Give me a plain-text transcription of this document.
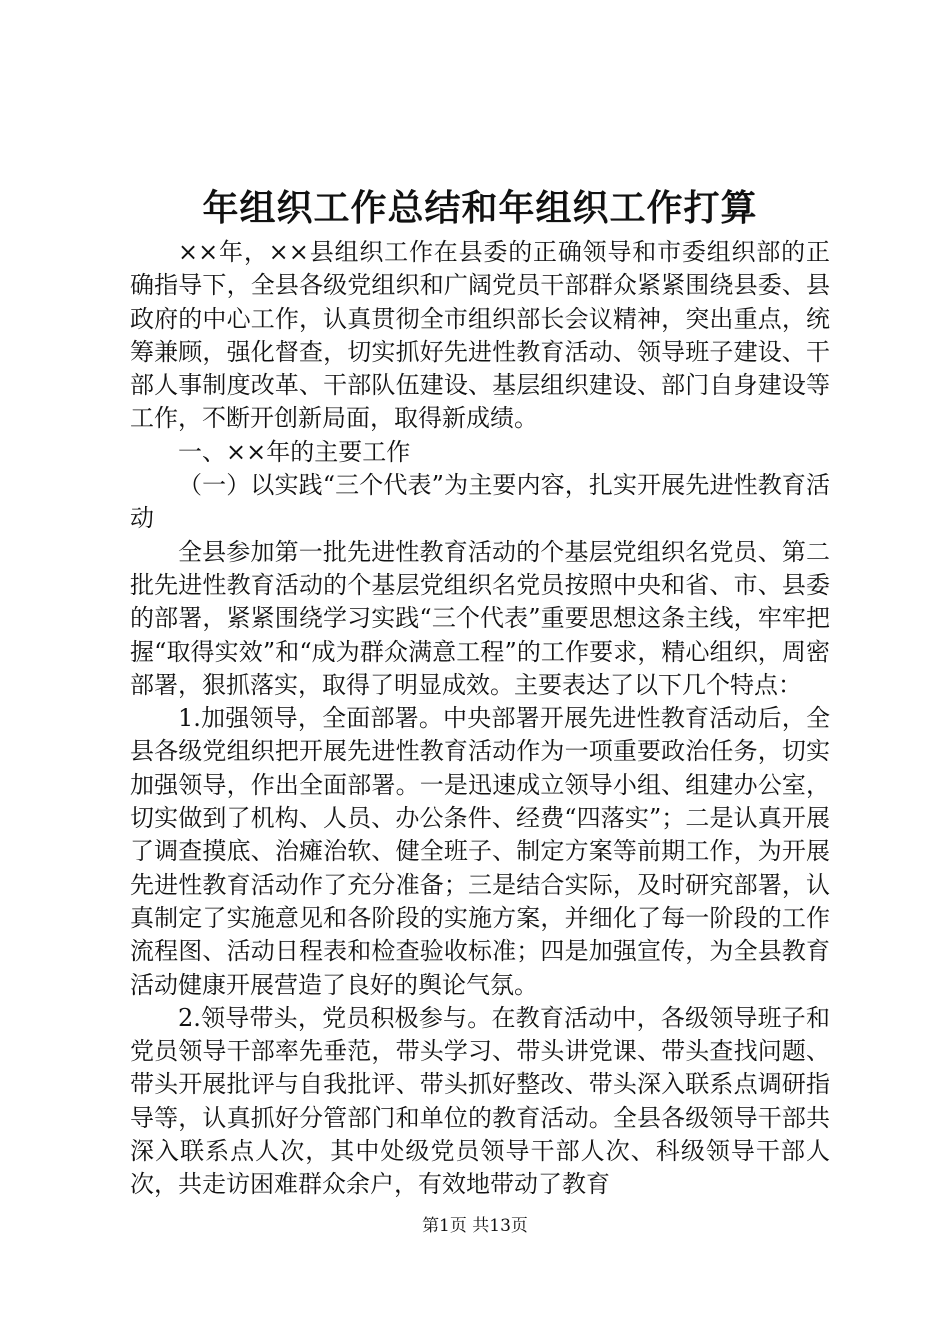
年组织工作总结和年组织工作打算

××年，××县组织工作在县委的正确领导和市委组织部的正确指导下，全县各级党组织和广阔党员干部群众紧紧围绕县委、县政府的中心工作，认真贯彻全市组织部长会议精神，突出重点，统筹兼顾，强化督查，切实抓好先进性教育活动、领导班子建设、干部人事制度改革、干部队伍建设、基层组织建设、部门自身建设等工作，不断开创新局面，取得新成绩。

一、××年的主要工作

（一）以实践“三个代表”为主要内容，扎实开展先进性教育活动

全县参加第一批先进性教育活动的个基层党组织名党员、第二批先进性教育活动的个基层党组织名党员按照中央和省、市、县委的部署，紧紧围绕学习实践“三个代表”重要思想这条主线，牢牢把握“取得实效”和“成为群众满意工程”的工作要求，精心组织，周密部署，狠抓落实，取得了明显成效。主要表达了以下几个特点：

1.加强领导，全面部署。中央部署开展先进性教育活动后，全县各级党组织把开展先进性教育活动作为一项重要政治任务，切实加强领导，作出全面部署。一是迅速成立领导小组、组建办公室，切实做到了机构、人员、办公条件、经费“四落实”；二是认真开展了调查摸底、治瘫治软、健全班子、制定方案等前期工作，为开展先进性教育活动作了充分准备；三是结合实际，及时研究部署，认真制定了实施意见和各阶段的实施方案，并细化了每一阶段的工作流程图、活动日程表和检查验收标准；四是加强宣传，为全县教育活动健康开展营造了良好的舆论气氛。

2.领导带头，党员积极参与。在教育活动中，各级领导班子和党员领导干部率先垂范，带头学习、带头讲党课、带头查找问题、带头开展批评与自我批评、带头抓好整改、带头深入联系点调研指导等，认真抓好分管部门和单位的教育活动。全县各级领导干部共深入联系点人次，其中处级党员领导干部人次、科级领导干部人次，共走访困难群众余户，有效地带动了教育

第1页 共13页
